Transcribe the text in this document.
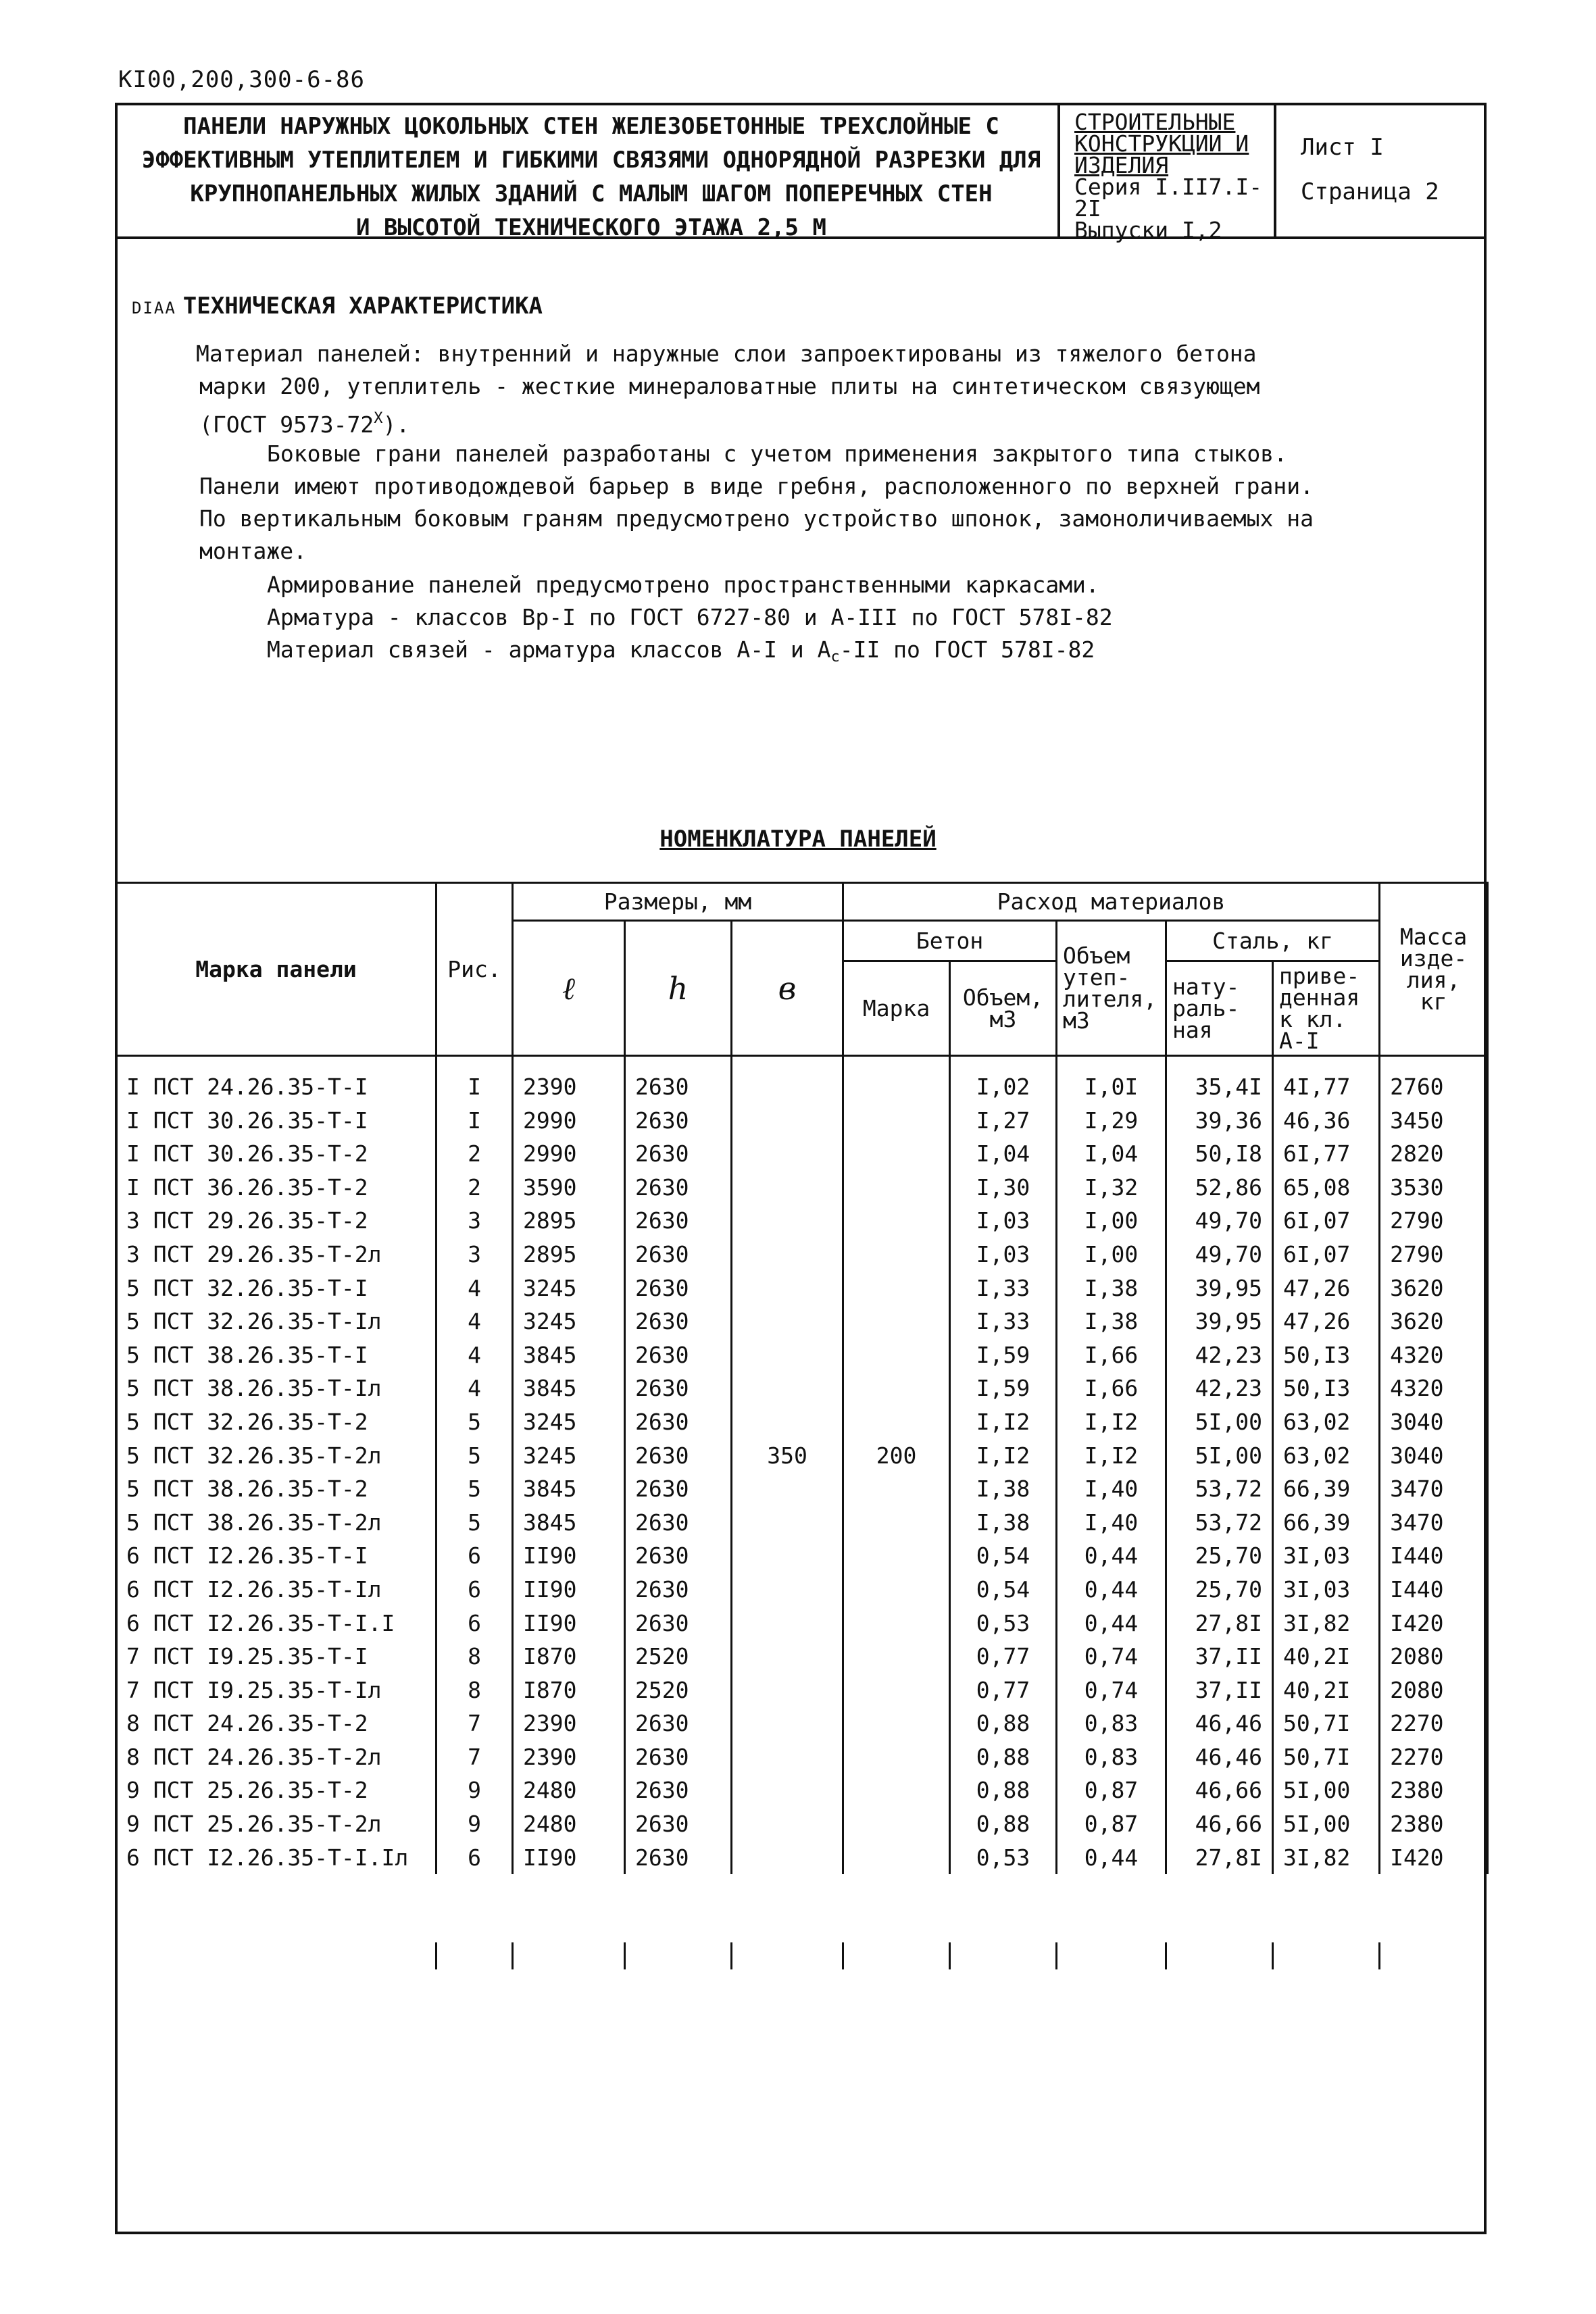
KI00,200,300-6-86
ПАНЕЛИ НАРУЖНЫХ ЦОКОЛЬНЫХ СТЕН ЖЕЛЕЗОБЕТОННЫЕ ТРЕХСЛОЙНЫЕ С
ЭФФЕКТИВНЫМ УТЕПЛИТЕЛЕМ И ГИБКИМИ СВЯЗЯМИ ОДНОРЯДНОЙ РАЗРЕЗКИ ДЛЯ
КРУПНОПАНЕЛЬНЫХ ЖИЛЫХ ЗДАНИЙ С МАЛЫМ ШАГОМ ПОПЕРЕЧНЫХ СТЕН
И ВЫСОТОЙ ТЕХНИЧЕСКОГО ЭТАЖА 2,5 М
СТРОИТЕЛЬНЫЕ
КОНСТРУКЦИИ И
ИЗДЕЛИЯ
Серия I.II7.I-2I
Выпуски I,2
Лист I
Страница 2
DIAA ТЕХНИЧЕСКАЯ ХАРАКТЕРИСТИКА
Материал панелей: внутренний и наружные слои запроектированы из тяжелого бетона
марки 200, утеплитель - жесткие минераловатные плиты на синтетическом связующем
(ГОСТ $9573-72^X$).
Боковые грани панелей разработаны с учетом применения закрытого типа стыков.
Панели имеют противодождевой барьер в виде гребня, расположенного по верхней грани.
По вертикальным боковым граням предусмотрено устройство шпонок, замоноличиваемых на
монтаже.
Армирование панелей предусмотрено пространственными каркасами.
Арматура - классов Вр-I по ГОСТ 6727-80 и А-III по ГОСТ 578I-82
Материал связей - арматура классов А-I и $А_с-II$ по ГОСТ 578I-82
НОМЕНКЛАТУРА ПАНЕЛЕЙ
Марка панели	Рис.	Размеры, мм			Расход материалов					Масса изде-лия, кг
		ℓ	h	в	Бетон		Объем утеп-лителя, м3	Сталь, кг		
					Марка	Объем, м3		нату-раль-ная	приве-денная к кл. А-I	
I ПСТ 24.26.35-Т-I	I	2390	2630			I,02	I,0I	35,4I	4I,77	2760
I ПСТ 30.26.35-Т-I	I	2990	2630			I,27	I,29	39,36	46,36	3450
I ПСТ 30.26.35-Т-2	2	2990	2630			I,04	I,04	50,I8	6I,77	2820
I ПСТ 36.26.35-Т-2	2	3590	2630			I,30	I,32	52,86	65,08	3530
3 ПСТ 29.26.35-Т-2	3	2895	2630			I,03	I,00	49,70	6I,07	2790
3 ПСТ 29.26.35-Т-2л	3	2895	2630			I,03	I,00	49,70	6I,07	2790
5 ПСТ 32.26.35-Т-I	4	3245	2630			I,33	I,38	39,95	47,26	3620
5 ПСТ 32.26.35-Т-Iл	4	3245	2630			I,33	I,38	39,95	47,26	3620
5 ПСТ 38.26.35-Т-I	4	3845	2630			I,59	I,66	42,23	50,I3	4320
5 ПСТ 38.26.35-Т-Iл	4	3845	2630			I,59	I,66	42,23	50,I3	4320
5 ПСТ 32.26.35-Т-2	5	3245	2630			I,I2	I,I2	5I,00	63,02	3040
5 ПСТ 32.26.35-Т-2л	5	3245	2630	350	200	I,I2	I,I2	5I,00	63,02	3040
5 ПСТ 38.26.35-Т-2	5	3845	2630			I,38	I,40	53,72	66,39	3470
5 ПСТ 38.26.35-Т-2л	5	3845	2630			I,38	I,40	53,72	66,39	3470
6 ПСТ I2.26.35-Т-I	6	II90	2630			0,54	0,44	25,70	3I,03	I440
6 ПСТ I2.26.35-Т-Iл	6	II90	2630			0,54	0,44	25,70	3I,03	I440
6 ПСТ I2.26.35-Т-I.I	6	II90	2630			0,53	0,44	27,8I	3I,82	I420
7 ПСТ I9.25.35-Т-I	8	I870	2520			0,77	0,74	37,II	40,2I	2080
7 ПСТ I9.25.35-Т-Iл	8	I870	2520			0,77	0,74	37,II	40,2I	2080
8 ПСТ 24.26.35-Т-2	7	2390	2630			0,88	0,83	46,46	50,7I	2270
8 ПСТ 24.26.35-Т-2л	7	2390	2630			0,88	0,83	46,46	50,7I	2270
9 ПСТ 25.26.35-Т-2	9	2480	2630			0,88	0,87	46,66	5I,00	2380
9 ПСТ 25.26.35-Т-2л	9	2480	2630			0,88	0,87	46,66	5I,00	2380
6 ПСТ I2.26.35-Т-I.Iл	6	II90	2630			0,53	0,44	27,8I	3I,82	I420
